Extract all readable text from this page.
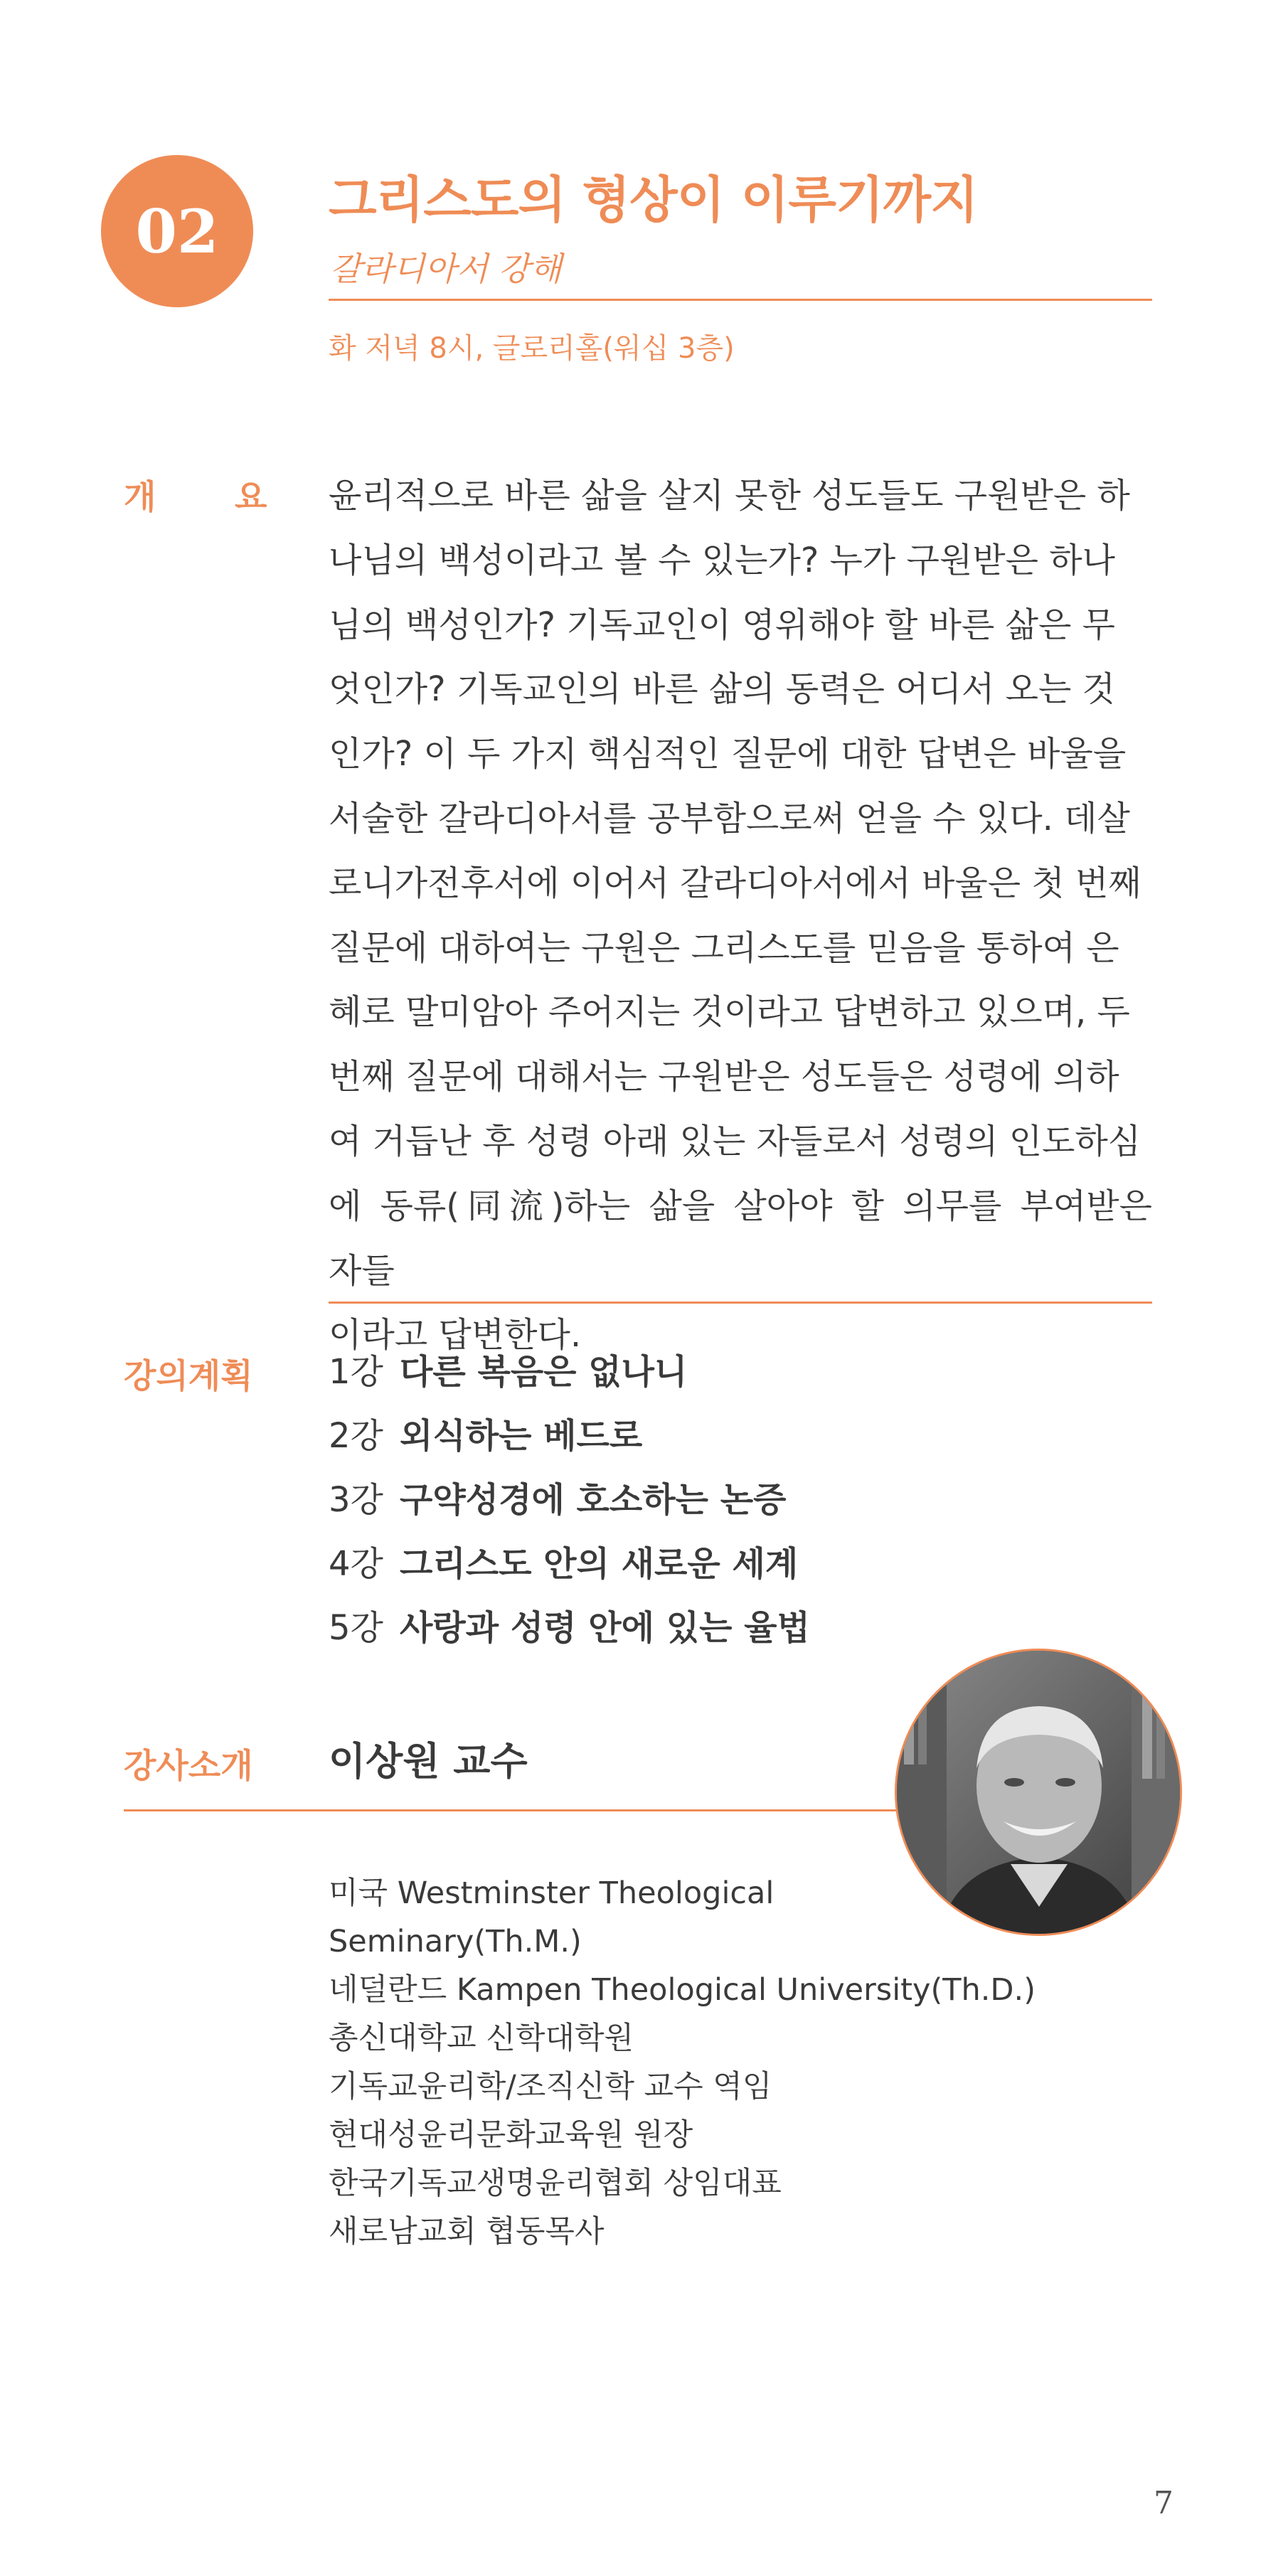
02	그리스도의 형상이 이루기까지
갈라디아서 강해
화 저녁 8시, 글로리홀(워십 3층)
개 요 윤리적으로 바른 삶을 살지 못한 성도들도 구원받은 하
나님의 백성이라고 볼 수 있는가? 누가 구원받은 하나
님의 백성인가? 기독교인이 영위해야 할 바른 삶은 무
엇인가? 기독교인의 바른 삶의 동력은 어디서 오는 것
인가? 이 두 가지 핵심적인 질문에 대한 답변은 바울을
서술한 갈라디아서를 공부함으로써 얻을 수 있다. 데살
로니가전후서에 이어서 갈라디아서에서 바울은 첫 번째
질문에 대하여는 구원은 그리스도를 믿음을 통하여 은
혜로 말미암아 주어지는 것이라고 답변하고 있으며, 두
번째 질문에 대해서는 구원받은 성도들은 성령에 의하
여 거듭난 후 성령 아래 있는 자들로서 성령의 인도하심
에 동류(同流)하는 삶을 살아야 할 의무를 부여받은 자들
이라고 답변한다.
강의계획 1강 다른 복음은 없나니
2강 외식하는 베드로
3강 구약성경에 호소하는 논증
4강 그리스도 안의 새로운 세계
5강 사랑과 성령 안에 있는 율법
강사소개 이상원 교수
미국 Westminster Theological
Seminary(Th.M.)
네덜란드 Kampen Theological University(Th.D.)
총신대학교 신학대학원
기독교윤리학/조직신학 교수 역임
현대성윤리문화교육원 원장
한국기독교생명윤리협회 상임대표
새로남교회 협동목사
7
